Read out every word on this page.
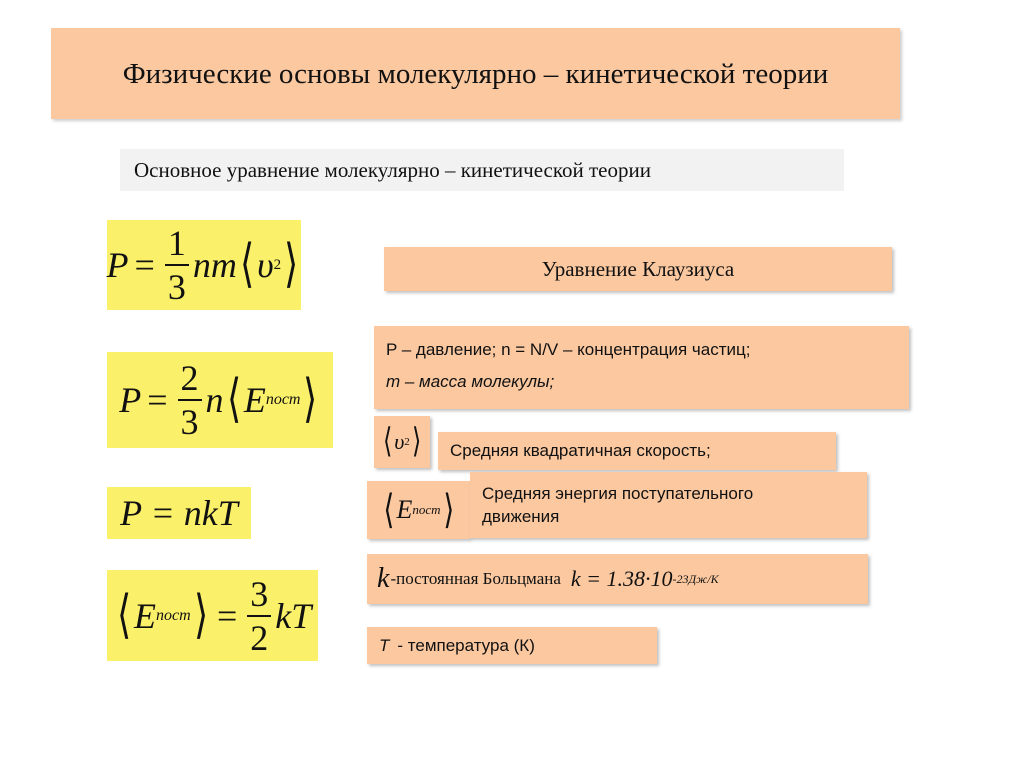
Физические основы молекулярно – кинетической теории
Основное уравнение молекулярно – кинетической теории
$P = \frac{1}{3}$ nm ⟨ υ 2 ⟩
$P = \frac{2}{3}$ n ⟨ E пост ⟩
P = nkT
⟨ E пост ⟩ = $\frac{3}{2}$ kT
Уравнение Клаузиуса
P – давление; n = N/V – концентрация частиц;
m – масса молекулы;
⟨ υ 2 ⟩ Средняя квадратичная скорость;
⟨ E пост ⟩ Средняя энергия поступательного
движения
k -постоянная Больцмана k = 1.38·10 -23 Дж/К
T - температура (К)
